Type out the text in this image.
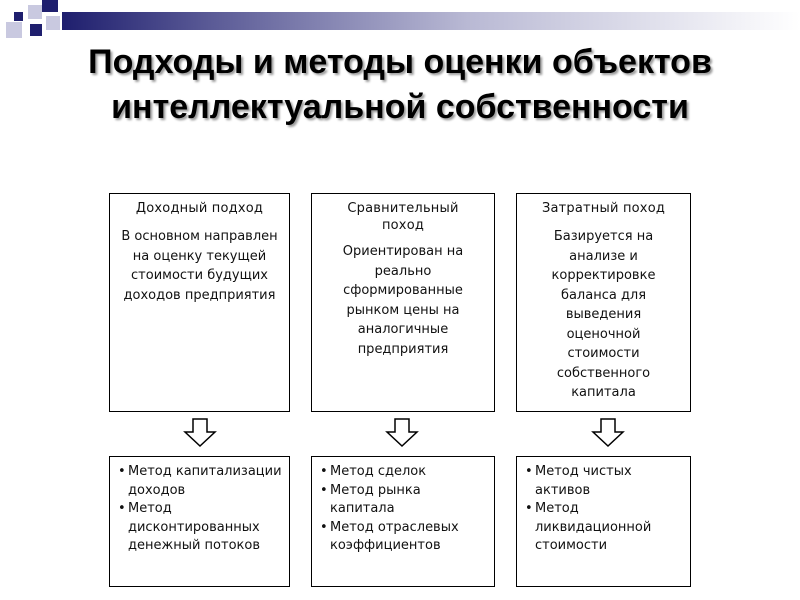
Подходы и методы оценки объектов интеллектуальной собственности
Доходный подход
В основном направлен на оценку текущей стоимости будущих доходов предприятия
• Метод капитализации доходов
• Метод дисконтированных денежный потоков
Сравнительный поход
Ориентирован на реально сформированные рынком цены на аналогичные предприятия
• Метод сделок
• Метод рынка капитала
• Метод отраслевых коэффициентов
Затратный поход
Базируется на анализе и корректировке баланса для выведения оценочной стоимости собственного капитала
• Метод чистых активов
• Метод ликвидационной стоимости
